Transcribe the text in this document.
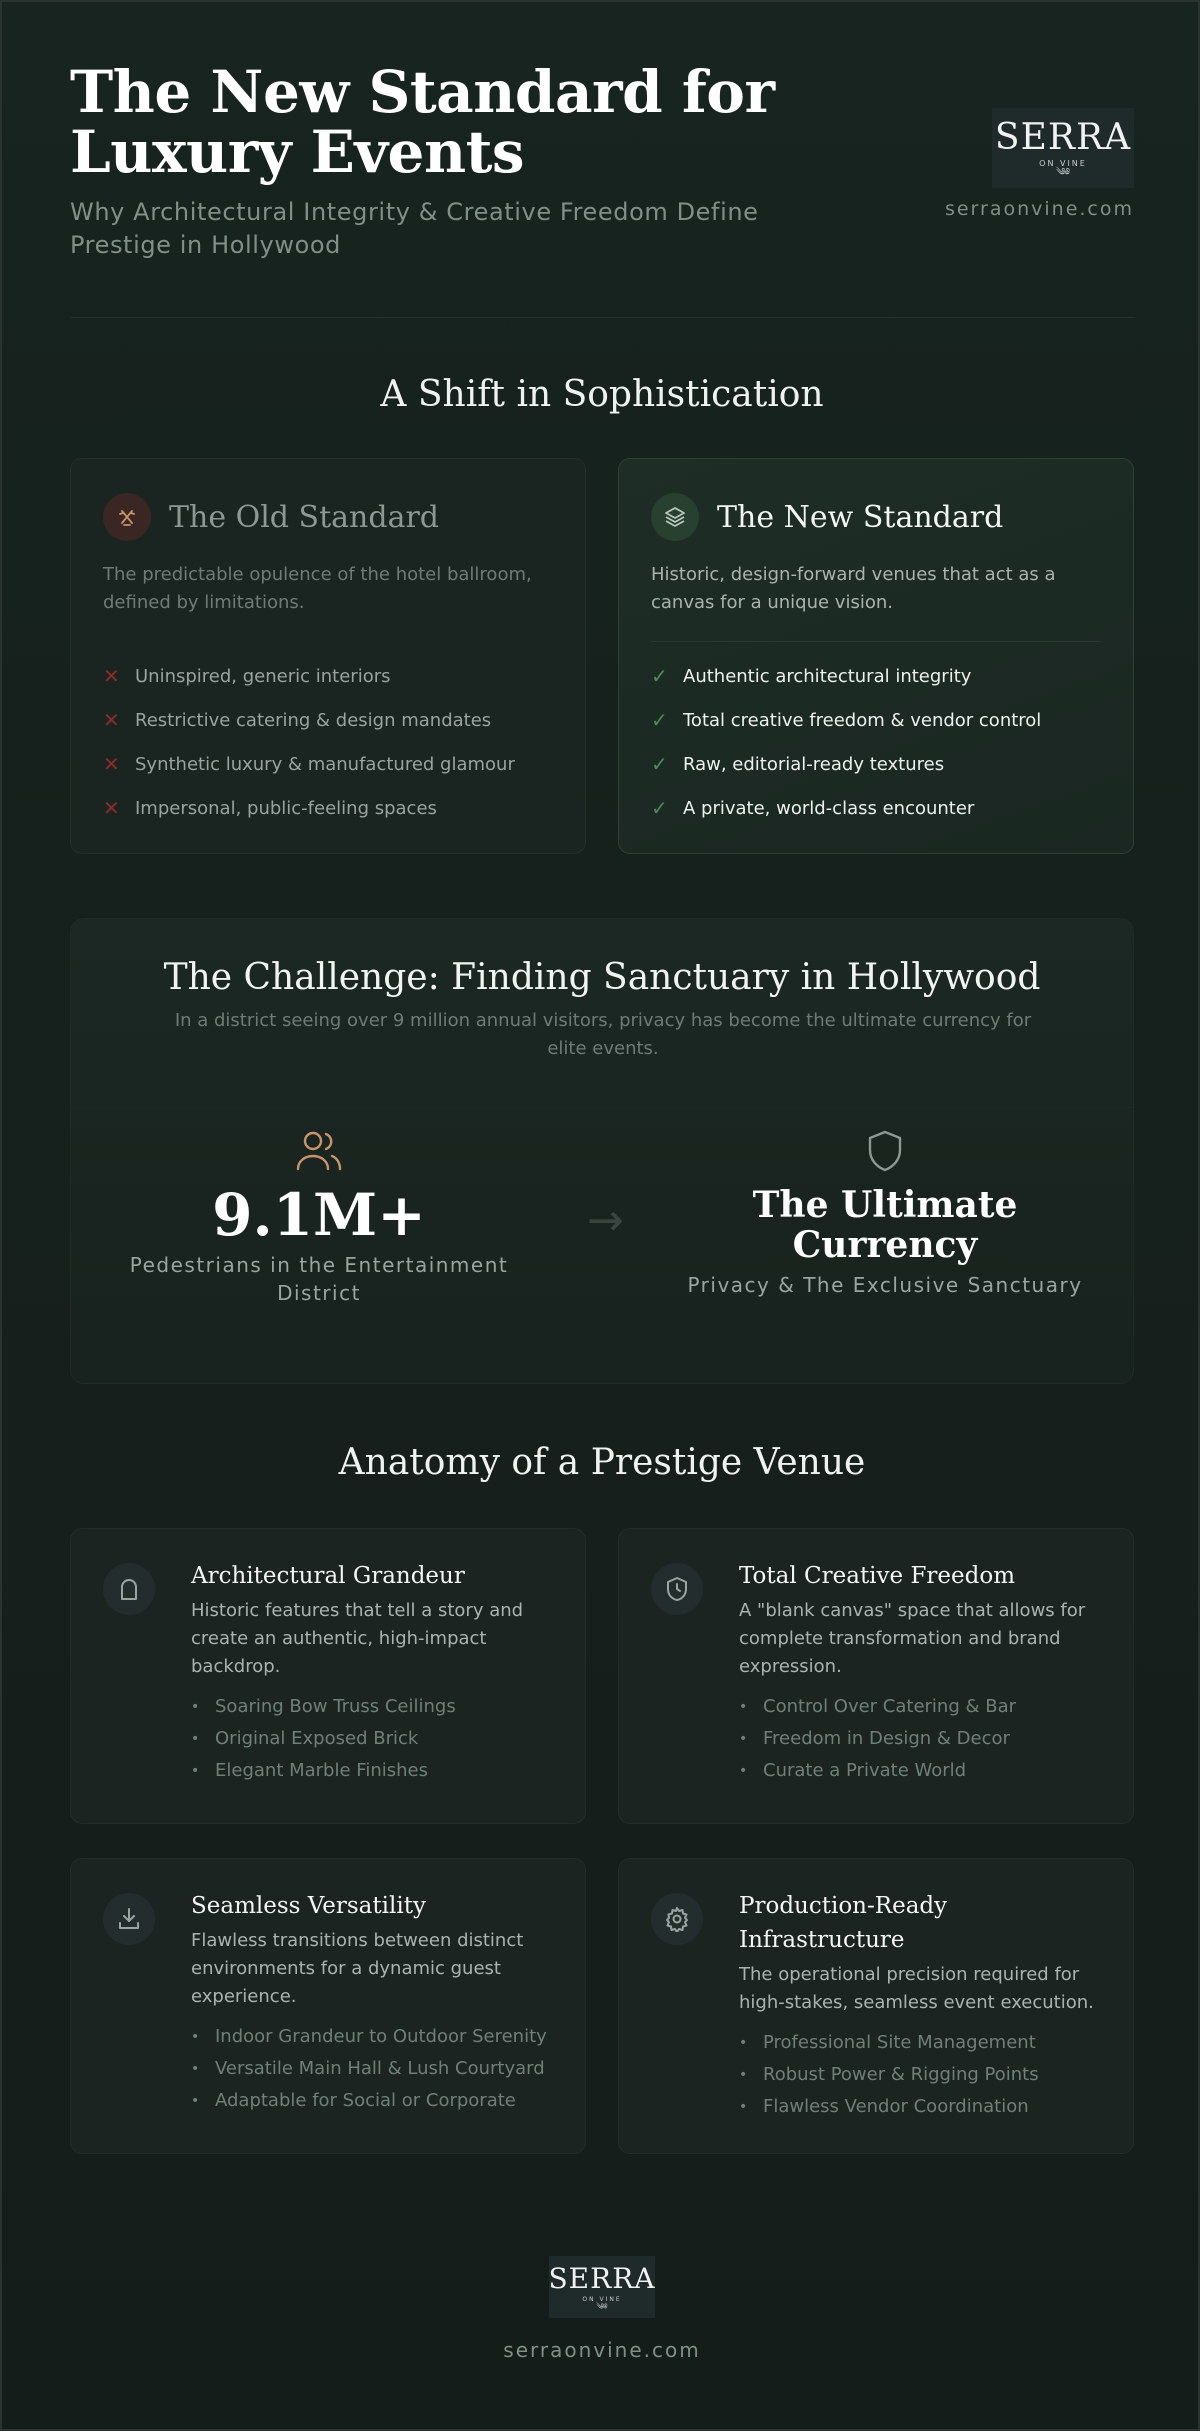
The New Standard for Luxury Events
Why Architectural Integrity & Creative Freedom Define Prestige in Hollywood
SERRA
ON VINE
༄༅
serraonvine.com
A Shift in Sophistication
The Old Standard
The predictable opulence of the hotel ballroom, defined by limitations.
✕ Uninspired, generic interiors
✕ Restrictive catering & design mandates
✕ Synthetic luxury & manufactured glamour
✕ Impersonal, public-feeling spaces
The New Standard
Historic, design-forward venues that act as a canvas for a unique vision.
✓ Authentic architectural integrity
✓ Total creative freedom & vendor control
✓ Raw, editorial-ready textures
✓ A private, world-class encounter
The Challenge: Finding Sanctuary in Hollywood
In a district seeing over 9 million annual visitors, privacy has become the ultimate currency for elite events.
9.1M+
Pedestrians in the Entertainment District
→	The Ultimate Currency
Privacy & The Exclusive Sanctuary
Anatomy of a Prestige Venue
Architectural Grandeur
Historic features that tell a story and create an authentic, high-impact backdrop.
• Soaring Bow Truss Ceilings
• Original Exposed Brick
• Elegant Marble Finishes
Total Creative Freedom
A "blank canvas" space that allows for complete transformation and brand expression.
• Control Over Catering & Bar
• Freedom in Design & Decor
• Curate a Private World
Seamless Versatility
Flawless transitions between distinct environments for a dynamic guest experience.
• Indoor Grandeur to Outdoor Serenity
• Versatile Main Hall & Lush Courtyard
• Adaptable for Social or Corporate
Production-Ready Infrastructure
The operational precision required for high-stakes, seamless event execution.
• Professional Site Management
• Robust Power & Rigging Points
• Flawless Vendor Coordination
SERRA
ON VINE
༄༅
serraonvine.com
